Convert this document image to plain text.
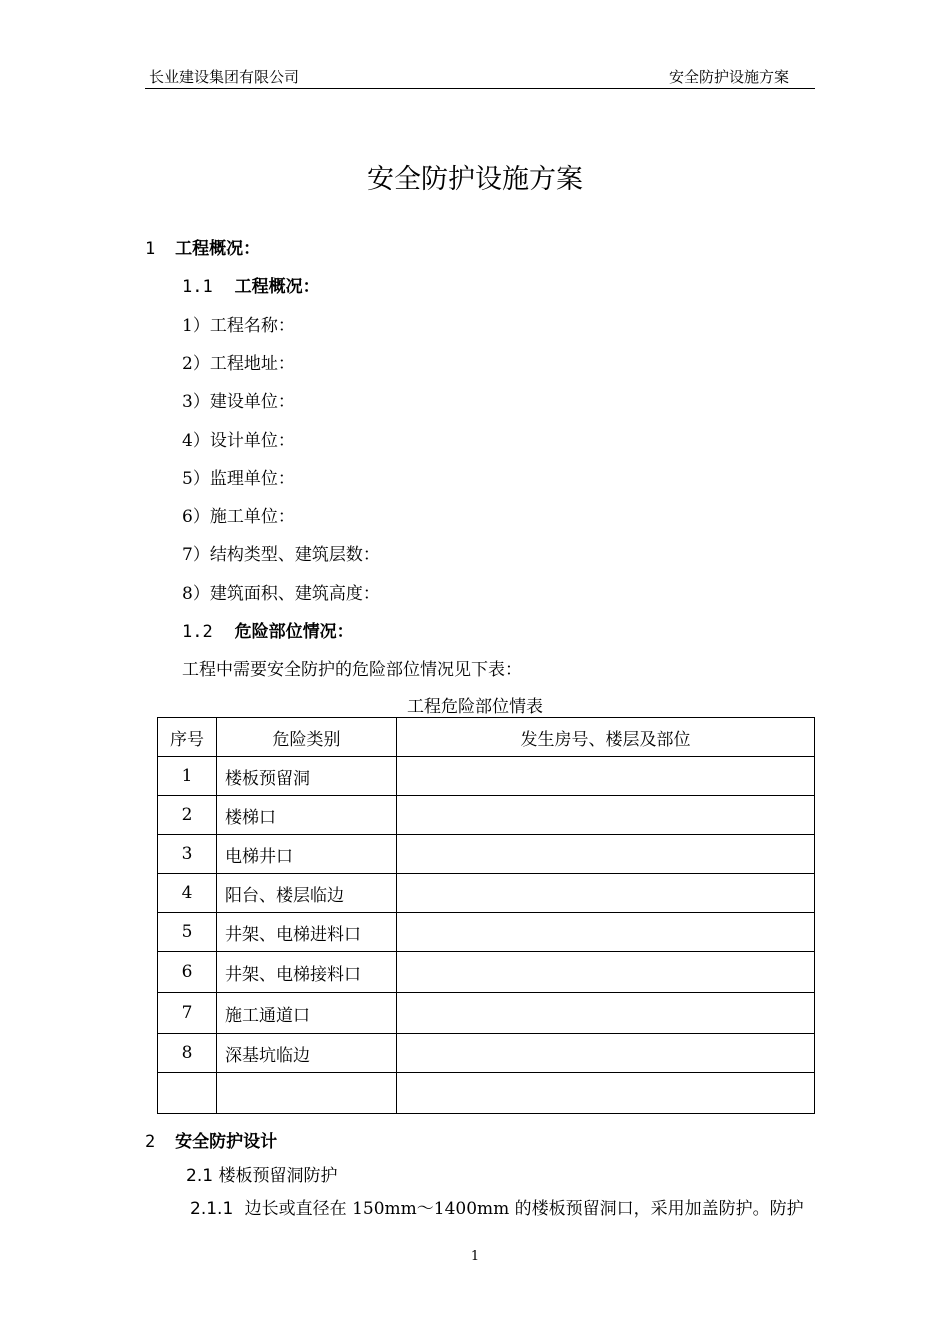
长业建设集团有限公司	安全防护设施方案
安全防护设施方案
1 工程概况：
1.1 工程概况：
1）工程名称：
2）工程地址：
3）建设单位：
4）设计单位：
5）监理单位：
6）施工单位：
7）结构类型、建筑层数：
8）建筑面积、建筑高度：
1.2 危险部位情况：
工程中需要安全防护的危险部位情况见下表：
工程危险部位情表
序号	危险类别	发生房号、楼层及部位
1	楼板预留洞	
2	楼梯口	
3	电梯井口	
4	阳台、楼层临边	
5	井架、电梯进料口	
6	井架、电梯接料口	
7	施工通道口	
8	深基坑临边	

2 安全防护设计
2.1 楼板预留洞防护
2.1.1 边长或直径在 150mm～1400mm 的楼板预留洞口，采用加盖防护。防护
1
